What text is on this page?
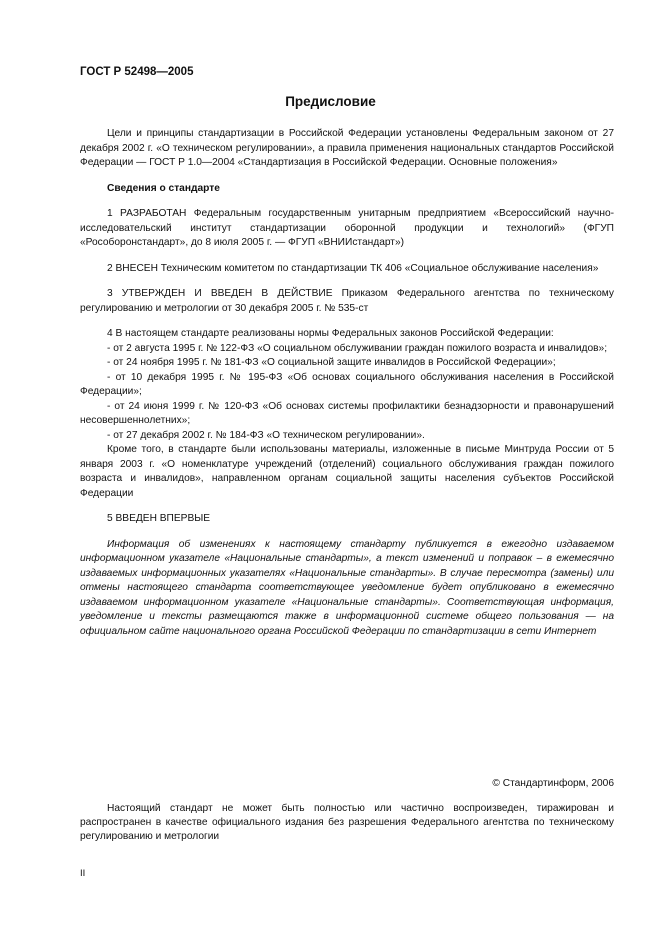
ГОСТ Р 52498—2005
Предисловие

Цели и принципы стандартизации в Российской Федерации установлены Федеральным законом от 27 декабря 2002 г. «О техническом регулировании», а правила применения национальных стандартов Российской Федерации — ГОСТ Р 1.0—2004 «Стандартизация в Российской Федерации. Основные положения»

Сведения о стандарте

1 РАЗРАБОТАН Федеральным государственным унитарным предприятием «Всероссийский научно-исследовательский институт стандартизации оборонной продукции и технологий» (ФГУП «Рособоронстандарт», до 8 июля 2005 г. — ФГУП «ВНИИстандарт»)

2 ВНЕСЕН Техническим комитетом по стандартизации ТК 406 «Социальное обслуживание населения»

3 УТВЕРЖДЕН И ВВЕДЕН В ДЕЙСТВИЕ Приказом Федерального агентства по техническому регулированию и метрологии от 30 декабря 2005 г. № 535-ст

4 В настоящем стандарте реализованы нормы Федеральных законов Российской Федерации:

- от 2 августа 1995 г. № 122-ФЗ «О социальном обслуживании граждан пожилого возраста и инвалидов»;

- от 24 ноября 1995 г. № 181-ФЗ «О социальной защите инвалидов в Российской Федерации»;

- от 10 декабря 1995 г. № 195-ФЗ «Об основах социального обслуживания населения в Российской Федерации»;

- от 24 июня 1999 г. № 120-ФЗ «Об основах системы профилактики безнадзорности и правонарушений несовершеннолетних»;

- от 27 декабря 2002 г. № 184-ФЗ «О техническом регулировании».

Кроме того, в стандарте были использованы материалы, изложенные в письме Минтруда России от 5 января 2003 г. «О номенклатуре учреждений (отделений) социального обслуживания граждан пожилого возраста и инвалидов», направленном органам социальной защиты населения субъектов Российской Федерации

5 ВВЕДЕН ВПЕРВЫЕ

Информация об изменениях к настоящему стандарту публикуется в ежегодно издаваемом информационном указателе «Национальные стандарты», а текст изменений и поправок – в ежемесячно издаваемых информационных указателях «Национальные стандарты». В случае пересмотра (замены) или отмены настоящего стандарта соответствующее уведомление будет опубликовано в ежемесячно издаваемом информационном указателе «Национальные стандарты». Соответствующая информация, уведомление и тексты размещаются также в информационной системе общего пользования — на официальном сайте национального органа Российской Федерации по стандартизации в сети Интернет

© Стандартинформ, 2006

Настоящий стандарт не может быть полностью или частично воспроизведен, тиражирован и распространен в качестве официального издания без разрешения Федерального агентства по техническому регулированию и метрологии

II
